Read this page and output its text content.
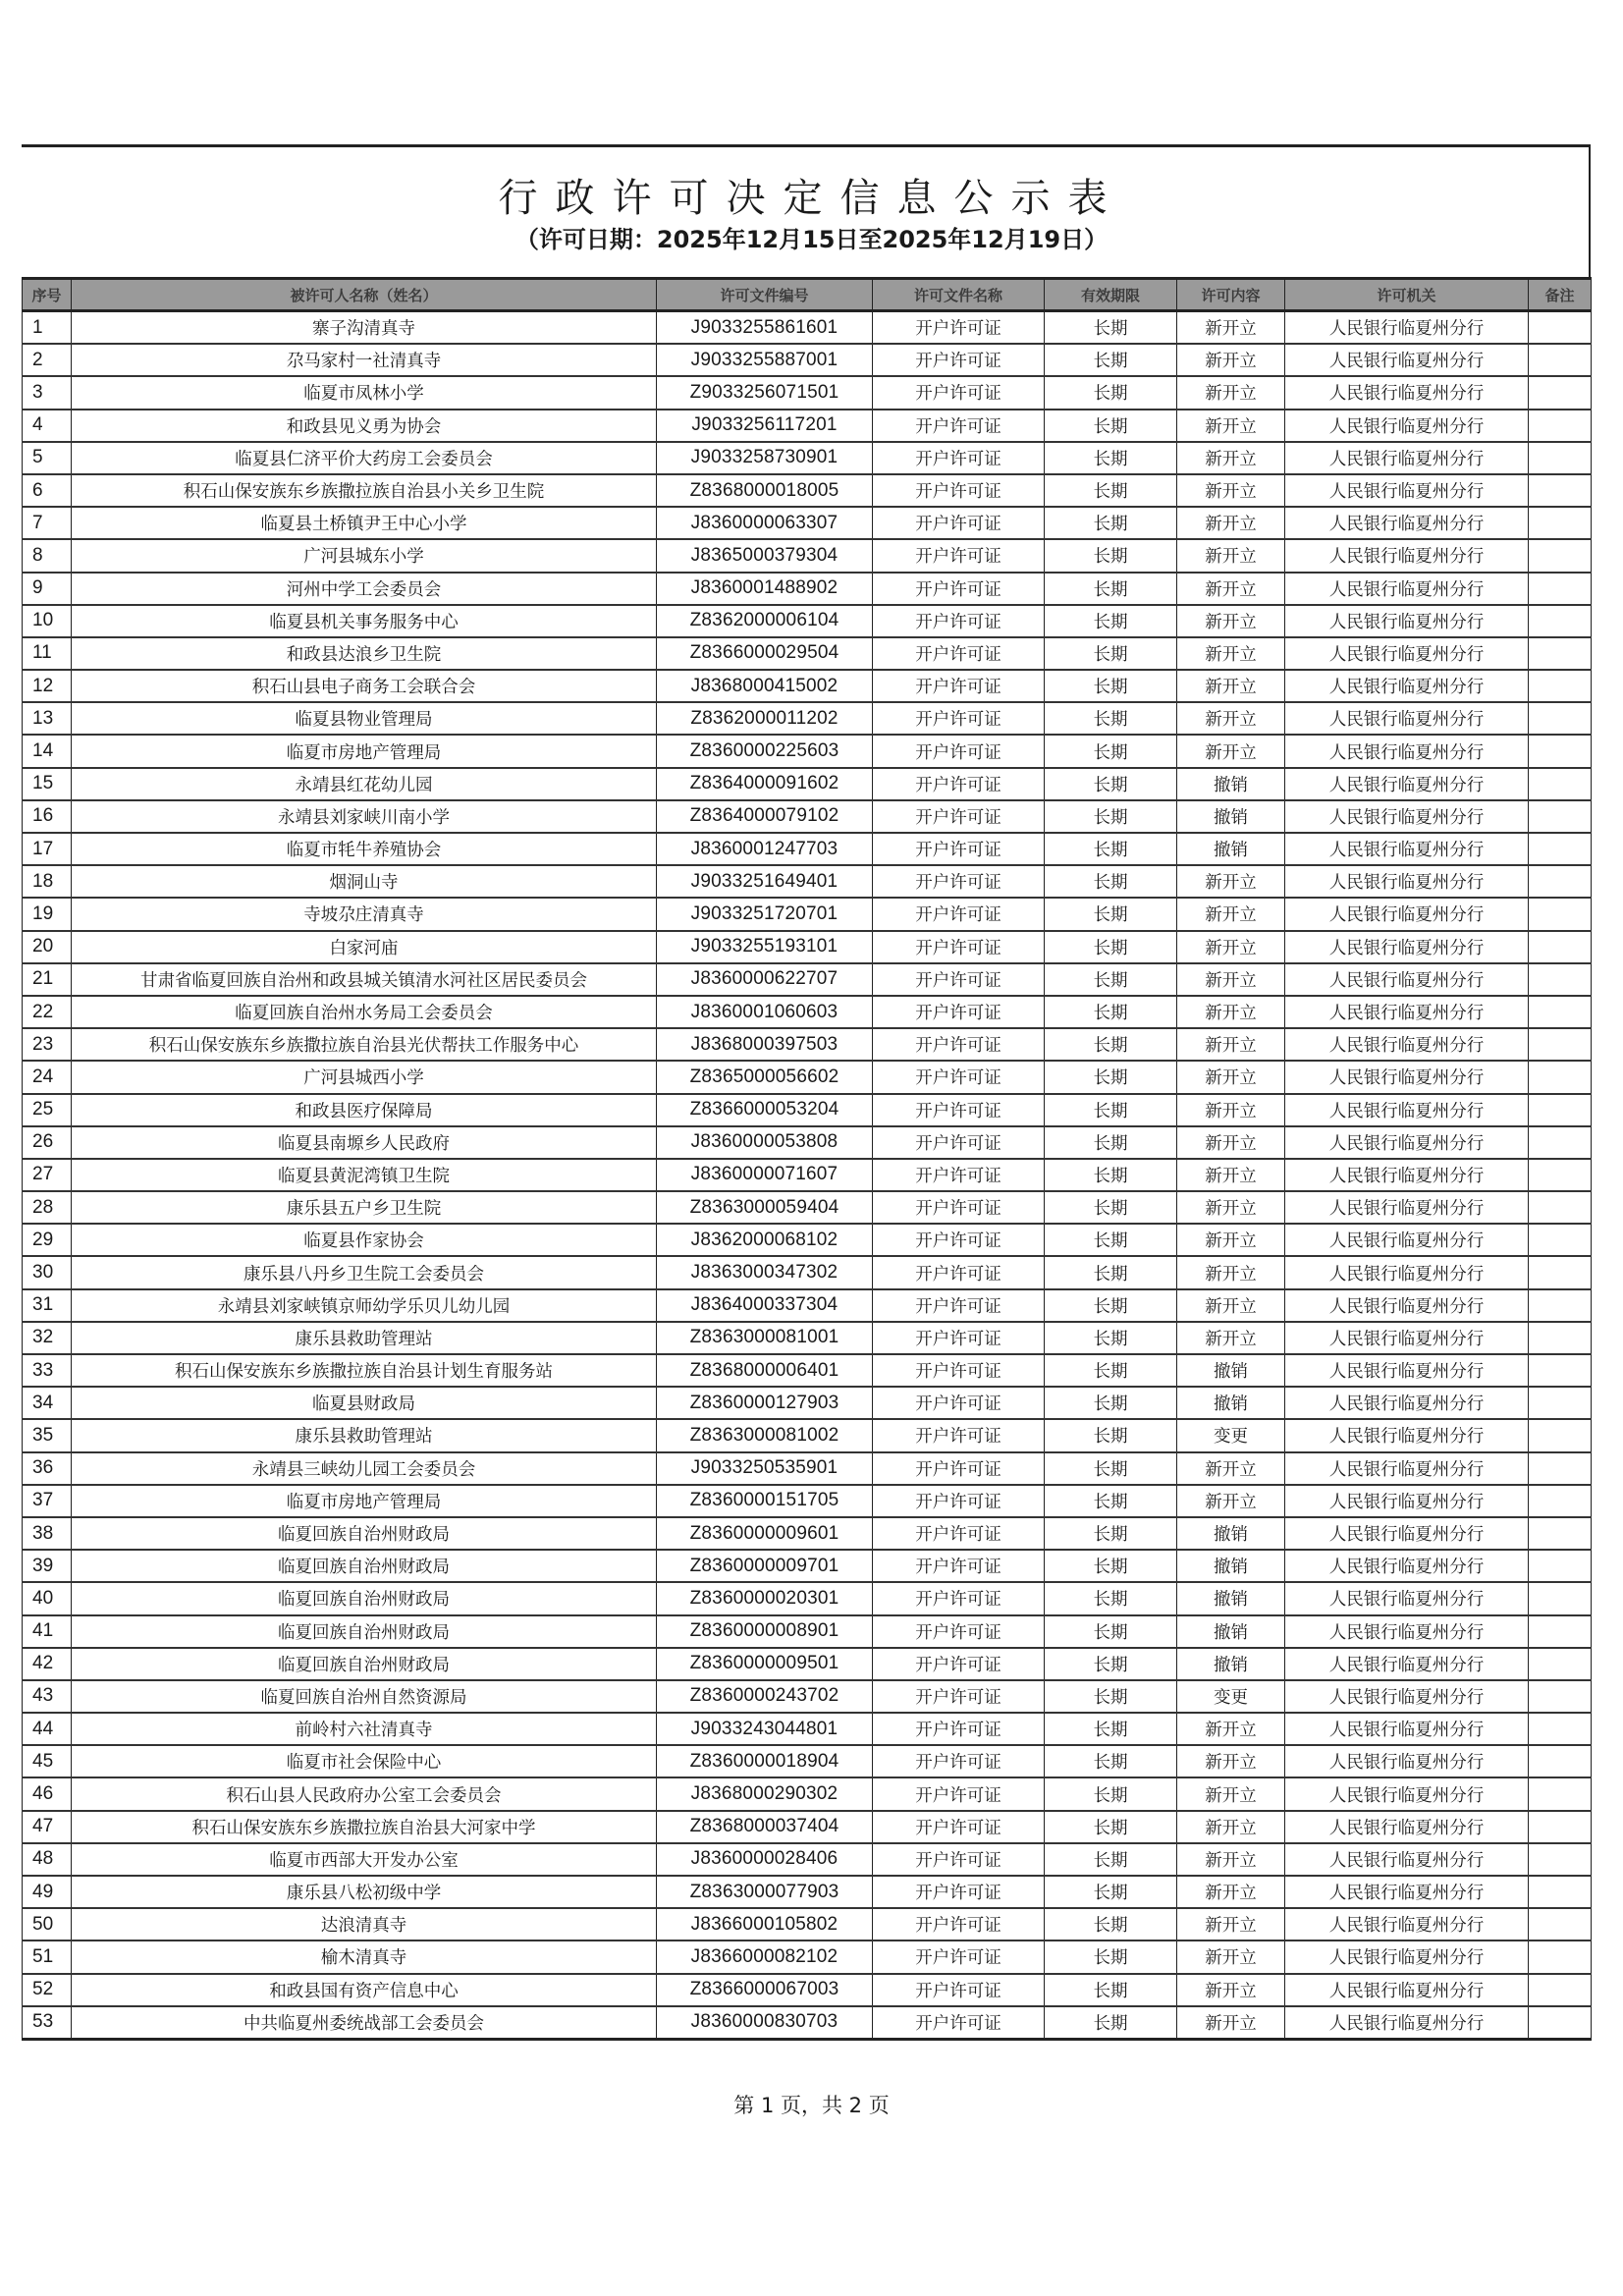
行政许可决定信息公示表
（许可日期：2025年12月15日至2025年12月19日）
序号	被许可人名称（姓名）	许可文件编号	许可文件名称	有效期限	许可内容	许可机关	备注
1	寨子沟清真寺	J9033255861601	开户许可证	长期	新开立	人民银行临夏州分行	
2	尕马家村一社清真寺	J9033255887001	开户许可证	长期	新开立	人民银行临夏州分行	
3	临夏市凤林小学	Z9033256071501	开户许可证	长期	新开立	人民银行临夏州分行	
4	和政县见义勇为协会	J9033256117201	开户许可证	长期	新开立	人民银行临夏州分行	
5	临夏县仁济平价大药房工会委员会	J9033258730901	开户许可证	长期	新开立	人民银行临夏州分行	
6	积石山保安族东乡族撒拉族自治县小关乡卫生院	Z8368000018005	开户许可证	长期	新开立	人民银行临夏州分行	
7	临夏县土桥镇尹王中心小学	J8360000063307	开户许可证	长期	新开立	人民银行临夏州分行	
8	广河县城东小学	J8365000379304	开户许可证	长期	新开立	人民银行临夏州分行	
9	河州中学工会委员会	J8360001488902	开户许可证	长期	新开立	人民银行临夏州分行	
10	临夏县机关事务服务中心	Z8362000006104	开户许可证	长期	新开立	人民银行临夏州分行	
11	和政县达浪乡卫生院	Z8366000029504	开户许可证	长期	新开立	人民银行临夏州分行	
12	积石山县电子商务工会联合会	J8368000415002	开户许可证	长期	新开立	人民银行临夏州分行	
13	临夏县物业管理局	Z8362000011202	开户许可证	长期	新开立	人民银行临夏州分行	
14	临夏市房地产管理局	Z8360000225603	开户许可证	长期	新开立	人民银行临夏州分行	
15	永靖县红花幼儿园	Z8364000091602	开户许可证	长期	撤销	人民银行临夏州分行	
16	永靖县刘家峡川南小学	Z8364000079102	开户许可证	长期	撤销	人民银行临夏州分行	
17	临夏市牦牛养殖协会	J8360001247703	开户许可证	长期	撤销	人民银行临夏州分行	
18	烟洞山寺	J9033251649401	开户许可证	长期	新开立	人民银行临夏州分行	
19	寺坡尕庄清真寺	J9033251720701	开户许可证	长期	新开立	人民银行临夏州分行	
20	白家河庙	J9033255193101	开户许可证	长期	新开立	人民银行临夏州分行	
21	甘肃省临夏回族自治州和政县城关镇清水河社区居民委员会	J8360000622707	开户许可证	长期	新开立	人民银行临夏州分行	
22	临夏回族自治州水务局工会委员会	J8360001060603	开户许可证	长期	新开立	人民银行临夏州分行	
23	积石山保安族东乡族撒拉族自治县光伏帮扶工作服务中心	J8368000397503	开户许可证	长期	新开立	人民银行临夏州分行	
24	广河县城西小学	Z8365000056602	开户许可证	长期	新开立	人民银行临夏州分行	
25	和政县医疗保障局	Z8366000053204	开户许可证	长期	新开立	人民银行临夏州分行	
26	临夏县南塬乡人民政府	J8360000053808	开户许可证	长期	新开立	人民银行临夏州分行	
27	临夏县黄泥湾镇卫生院	J8360000071607	开户许可证	长期	新开立	人民银行临夏州分行	
28	康乐县五户乡卫生院	Z8363000059404	开户许可证	长期	新开立	人民银行临夏州分行	
29	临夏县作家协会	J8362000068102	开户许可证	长期	新开立	人民银行临夏州分行	
30	康乐县八丹乡卫生院工会委员会	J8363000347302	开户许可证	长期	新开立	人民银行临夏州分行	
31	永靖县刘家峡镇京师幼学乐贝儿幼儿园	J8364000337304	开户许可证	长期	新开立	人民银行临夏州分行	
32	康乐县救助管理站	Z8363000081001	开户许可证	长期	新开立	人民银行临夏州分行	
33	积石山保安族东乡族撒拉族自治县计划生育服务站	Z8368000006401	开户许可证	长期	撤销	人民银行临夏州分行	
34	临夏县财政局	Z8360000127903	开户许可证	长期	撤销	人民银行临夏州分行	
35	康乐县救助管理站	Z8363000081002	开户许可证	长期	变更	人民银行临夏州分行	
36	永靖县三峡幼儿园工会委员会	J9033250535901	开户许可证	长期	新开立	人民银行临夏州分行	
37	临夏市房地产管理局	Z8360000151705	开户许可证	长期	新开立	人民银行临夏州分行	
38	临夏回族自治州财政局	Z8360000009601	开户许可证	长期	撤销	人民银行临夏州分行	
39	临夏回族自治州财政局	Z8360000009701	开户许可证	长期	撤销	人民银行临夏州分行	
40	临夏回族自治州财政局	Z8360000020301	开户许可证	长期	撤销	人民银行临夏州分行	
41	临夏回族自治州财政局	Z8360000008901	开户许可证	长期	撤销	人民银行临夏州分行	
42	临夏回族自治州财政局	Z8360000009501	开户许可证	长期	撤销	人民银行临夏州分行	
43	临夏回族自治州自然资源局	Z8360000243702	开户许可证	长期	变更	人民银行临夏州分行	
44	前岭村六社清真寺	J9033243044801	开户许可证	长期	新开立	人民银行临夏州分行	
45	临夏市社会保险中心	Z8360000018904	开户许可证	长期	新开立	人民银行临夏州分行	
46	积石山县人民政府办公室工会委员会	J8368000290302	开户许可证	长期	新开立	人民银行临夏州分行	
47	积石山保安族东乡族撒拉族自治县大河家中学	Z8368000037404	开户许可证	长期	新开立	人民银行临夏州分行	
48	临夏市西部大开发办公室	J8360000028406	开户许可证	长期	新开立	人民银行临夏州分行	
49	康乐县八松初级中学	Z8363000077903	开户许可证	长期	新开立	人民银行临夏州分行	
50	达浪清真寺	J8366000105802	开户许可证	长期	新开立	人民银行临夏州分行	
51	榆木清真寺	J8366000082102	开户许可证	长期	新开立	人民银行临夏州分行	
52	和政县国有资产信息中心	Z8366000067003	开户许可证	长期	新开立	人民银行临夏州分行	
53	中共临夏州委统战部工会委员会	J8360000830703	开户许可证	长期	新开立	人民银行临夏州分行	
第 1 页，共 2 页
